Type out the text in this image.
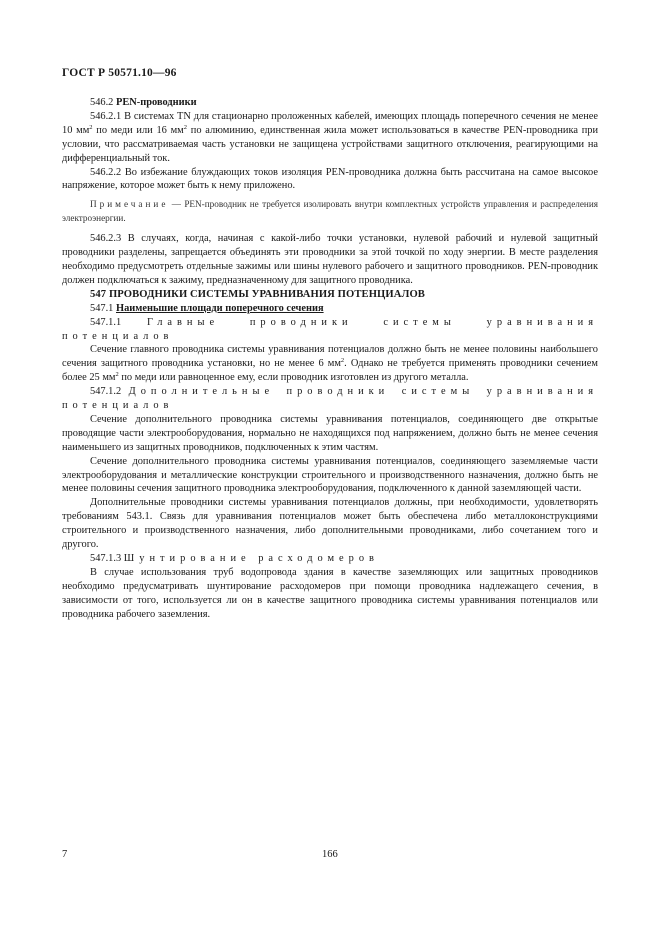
ГОСТ Р 50571.10—96

546.2 PEN-проводники

546.2.1 В системах TN для стационарно проложенных кабелей, имеющих площадь поперечного сечения не менее 10 $мм^2$ по меди или 16 $мм^2$ по алюминию, единственная жила может использоваться в качестве PEN-проводника при условии, что рассматриваемая часть установки не защищена устройствами защитного отключения, реагирующими на дифференциальный ток.

546.2.2 Во избежание блуждающих токов изоляция PEN-проводника должна быть рассчитана на самое высокое напряжение, которое может быть к нему приложено.

Примечание — PEN-проводник не требуется изолировать внутри комплектных устройств управления и распределения электроэнергии.

546.2.3 В случаях, когда, начиная с какой-либо точки установки, нулевой рабочий и нулевой защитный проводники разделены, запрещается объединять эти проводники за этой точкой по ходу энергии. В месте разделения необходимо предусмотреть отдельные зажимы или шины нулевого рабочего и защитного проводников. PEN-проводник должен подключаться к зажиму, предназначенному для защитного проводника.

547 ПРОВОДНИКИ СИСТЕМЫ УРАВНИВАНИЯ ПОТЕНЦИАЛОВ

547.1 Наименьшие площади поперечного сечения

547.1.1 Главные проводники системы уравнивания потенциалов

Сечение главного проводника системы уравнивания потенциалов должно быть не менее половины наибольшего сечения защитного проводника установки, но не менее 6 $мм^2$. Однако не требуется применять проводники сечением более 25 $мм^2$ по меди или равноценное ему, если проводник изготовлен из другого металла.

547.1.2 Дополнительные проводники системы уравнивания потенциалов

Сечение дополнительного проводника системы уравнивания потенциалов, соединяющего две открытые проводящие части электрооборудования, нормально не находящихся под напряжением, должно быть не менее сечения наименьшего из защитных проводников, подключенных к этим частям.

Сечение дополнительного проводника системы уравнивания потенциалов, соединяющего заземляемые части электрооборудования и металлические конструкции строительного и производственного назначения, должно быть не менее половины сечения защитного проводника электрооборудования, подключенного к данной заземляющей части.

Дополнительные проводники системы уравнивания потенциалов должны, при необходимости, удовлетворять требованиям 543.1. Связь для уравнивания потенциалов может быть обеспечена либо металлоконструкциями строительного и производственного назначения, либо дополнительными проводниками, либо сочетанием того и другого.

547.1.3 Шунтирование расходомеров

В случае использования труб водопровода здания в качестве заземляющих или защитных проводников необходимо предусматривать шунтирование расходомеров при помощи проводника надлежащего сечения, в зависимости от того, используется ли он в качестве защитного проводника системы уравнивания потенциалов или проводника рабочего заземления.

7	166
